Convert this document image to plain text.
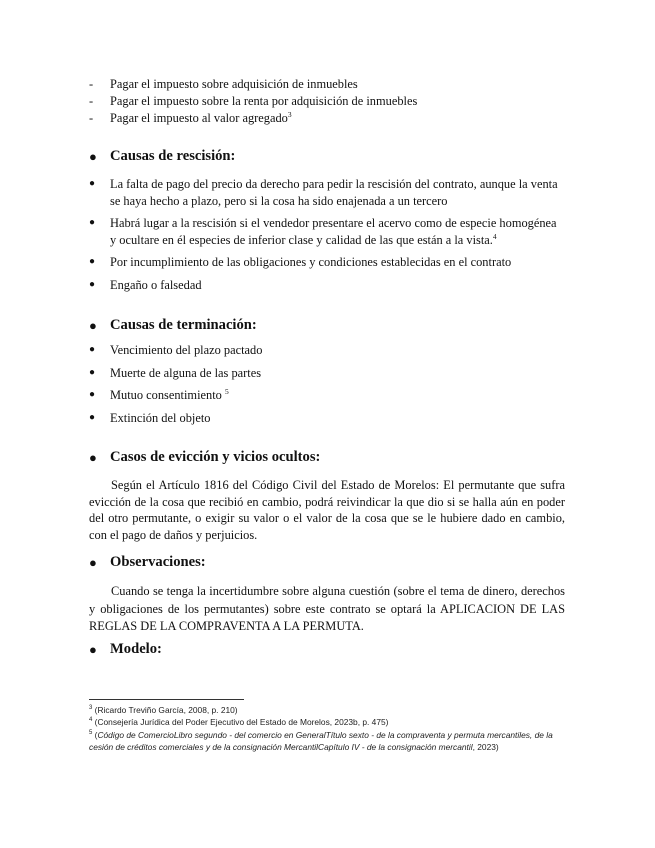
-	Pagar el impuesto sobre adquisición de inmuebles
-	Pagar el impuesto sobre la renta por adquisición de inmuebles
-	Pagar el impuesto al valor agregado$^3$
● Causas de rescisión:
●	La falta de pago del precio da derecho para pedir la rescisión del contrato, aunque la venta se haya hecho a plazo, pero si la cosa ha sido enajenada a un tercero
●	Habrá lugar a la rescisión si el vendedor presentare el acervo como de especie homogénea y ocultare en él especies de inferior clase y calidad de las que están a la vista.$^4$
●	Por incumplimiento de las obligaciones y condiciones establecidas en el contrato
●	Engaño o falsedad
● Causas de terminación:
●	Vencimiento del plazo pactado
●	Muerte de alguna de las partes
●	Mutuo consentimiento $^5$
●	Extinción del objeto
● Casos de evicción y vicios ocultos:
Según el Artículo 1816 del Código Civil del Estado de Morelos: El permutante que sufra evicción de la cosa que recibió en cambio, podrá reivindicar la que dio si se halla aún en poder del otro permutante, o exigir su valor o el valor de la cosa que se le hubiere dado en cambio, con el pago de daños y perjuicios.
● Observaciones:
Cuando se tenga la incertidumbre sobre alguna cuestión (sobre el tema de dinero, derechos y obligaciones de los permutantes) sobre este contrato se optará la APLICACION DE LAS REGLAS DE LA COMPRAVENTA A LA PERMUTA.
● Modelo:

$^3$ (Ricardo Treviño García, 2008, p. 210)

$^4$ (Consejería Jurídica del Poder Ejecutivo del Estado de Morelos, 2023b, p. 475)

$^5$ (Código de ComercioLibro segundo - del comercio en GeneralTítulo sexto - de la compraventa y permuta mercantiles, de la cesión de créditos comerciales y de la consignación MercantilCapítulo IV - de la consignación mercantil, 2023)
